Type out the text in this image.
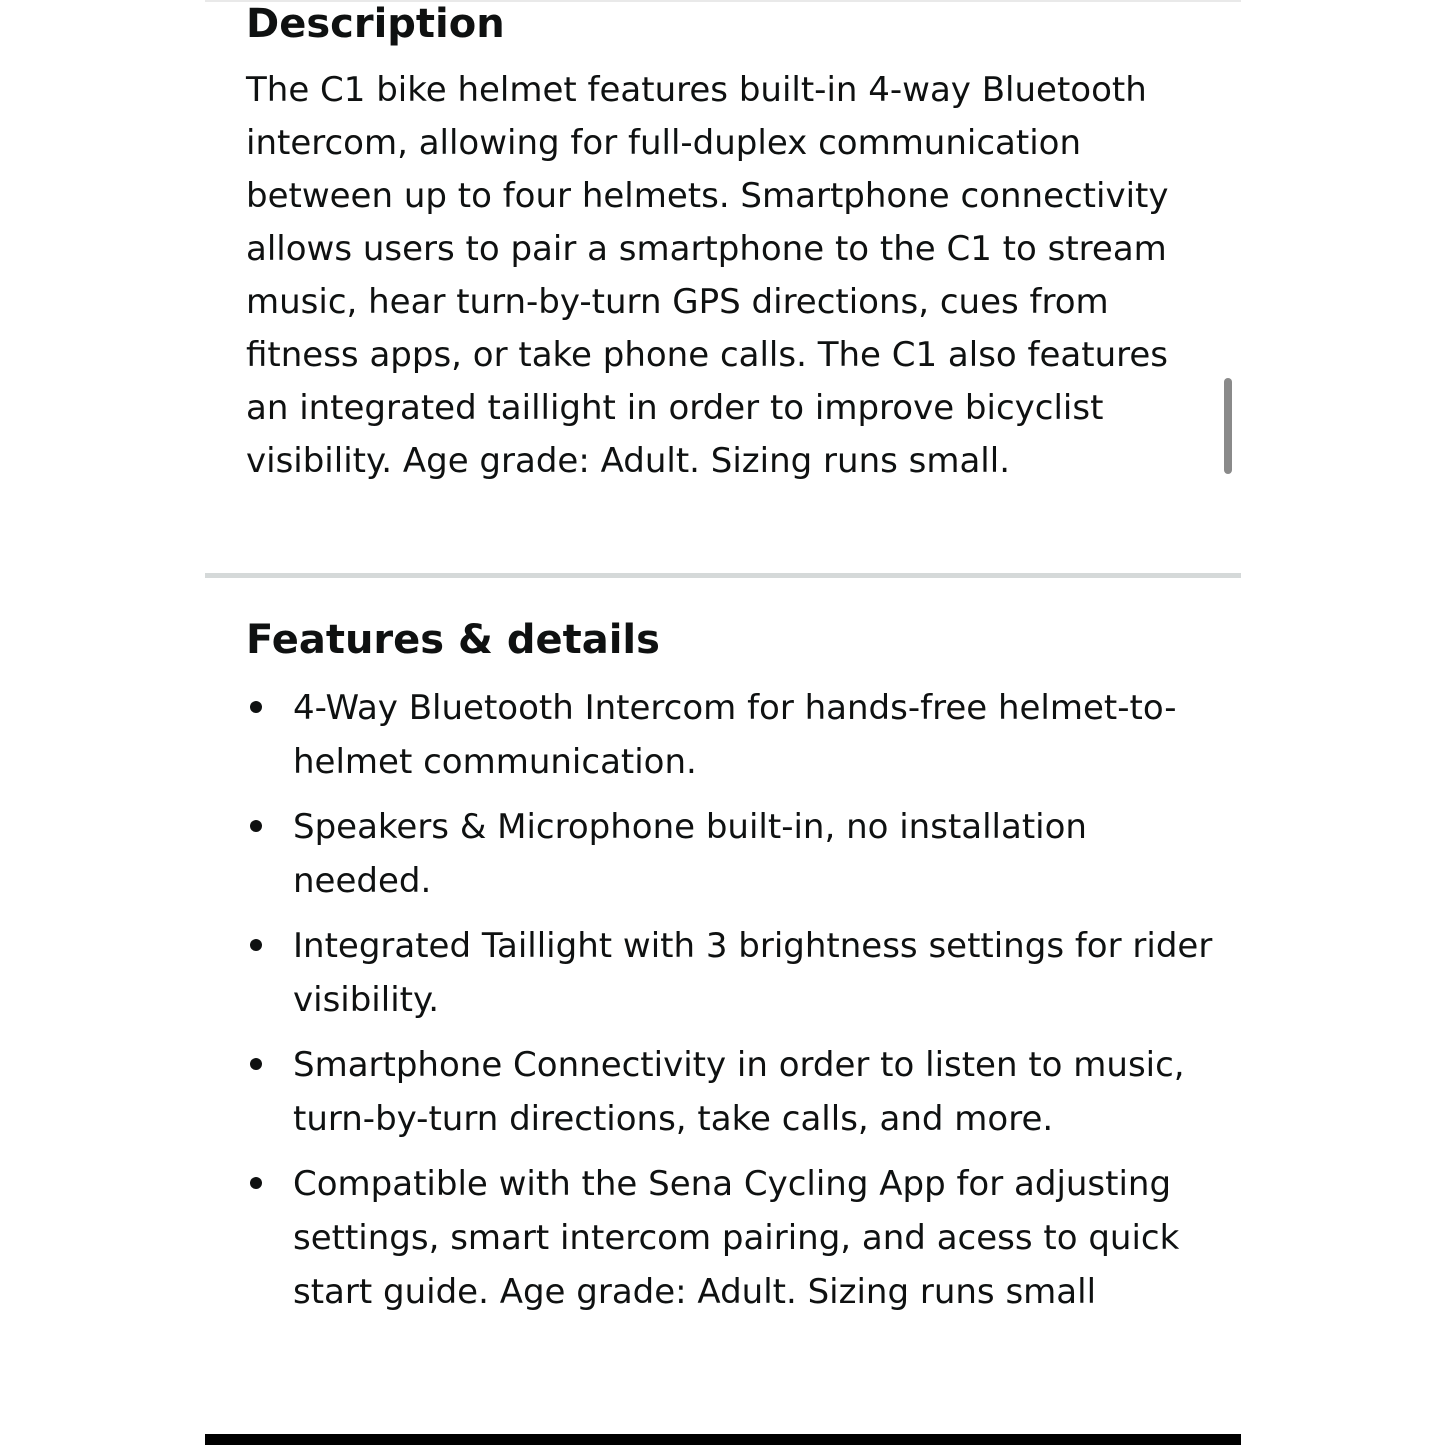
Description

The C1 bike helmet features built-in 4-way Bluetooth intercom, allowing for full-duplex communication between up to four helmets. Smartphone connectivity allows users to pair a smartphone to the C1 to stream music, hear turn-by-turn GPS directions, cues from fitness apps, or take phone calls. The C1 also features an integrated taillight in order to improve bicyclist visibility. Age grade: Adult. Sizing runs small.

Features & details
4-Way Bluetooth Intercom for hands-free helmet-to-helmet communication.
Speakers & Microphone built-in, no installation needed.
Integrated Taillight with 3 brightness settings for rider visibility.
Smartphone Connectivity in order to listen to music, turn-by-turn directions, take calls, and more.
Compatible with the Sena Cycling App for adjusting settings, smart intercom pairing, and acess to quick start guide. Age grade: Adult. Sizing runs small
